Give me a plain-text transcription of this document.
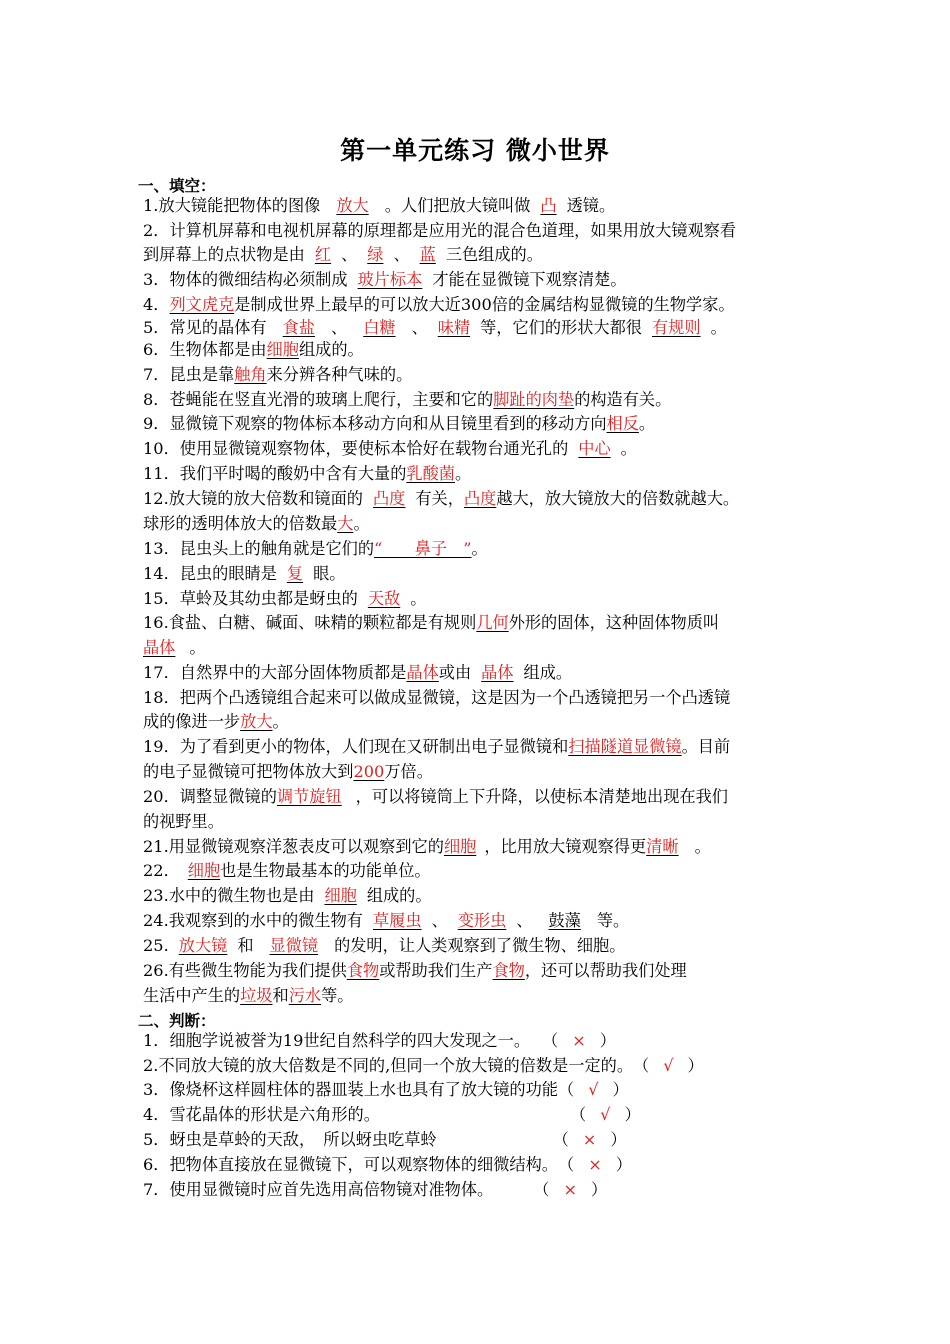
第一单元练习 微小世界
一、填空：
1.放大镜能把物体的图像 放大 。人们把放大镜叫做 凸 透镜。
2．计算机屏幕和电视机屏幕的原理都是应用光的混合色道理，如果用放大镜观察看
到屏幕上的点状物是由 红 、 绿 、 蓝 三色组成的。
3．物体的微细结构必须制成 玻片标本 才能在显微镜下观察清楚。
4．列文虎克是制成世界上最早的可以放大近300倍的金属结构显微镜的生物学家。
5．常见的晶体有 食盐 、 白糖 、 味精 等，它们的形状大都很 有规则 。
6．生物体都是由细胞组成的。
7．昆虫是靠触角来分辨各种气味的。
8．苍蝇能在竖直光滑的玻璃上爬行，主要和它的脚趾的肉垫的构造有关。
9．显微镜下观察的物体标本移动方向和从目镜里看到的移动方向相反。
10．使用显微镜观察物体，要使标本恰好在载物台通光孔的 中心 。
11．我们平时喝的酸奶中含有大量的乳酸菌。
12.放大镜的放大倍数和镜面的 凸度 有关，凸度越大，放大镜放大的倍数就越大。
球形的透明体放大的倍数最大。
13．昆虫头上的触角就是它们的“　　鼻子　”。
14．昆虫的眼睛是 复 眼。
15．草蛉及其幼虫都是蚜虫的 天敌 。
16.食盐、白糖、碱面、味精的颗粒都是有规则几何外形的固体，这种固体物质叫
晶体 。
17．自然界中的大部分固体物质都是晶体或由 晶体 组成。
18．把两个凸透镜组合起来可以做成显微镜，这是因为一个凸透镜把另一个凸透镜
成的像进一步放大。
19．为了看到更小的物体，人们现在又研制出电子显微镜和扫描隧道显微镜。目前
的电子显微镜可把物体放大到200万倍。
20．调整显微镜的调节旋钮 ，可以将镜筒上下升降，以使标本清楚地出现在我们
的视野里。
21.用显微镜观察洋葱表皮可以观察到它的细胞 ，比用放大镜观察得更清晰 。
22． 细胞也是生物最基本的功能单位。
23.水中的微生物也是由 细胞 组成的。
24.我观察到的水中的微生物有 草履虫 、 变形虫 、 鼓藻 等。
25. 放大镜 和 显微镜 的发明，让人类观察到了微生物、细胞。
26.有些微生物能为我们提供食物或帮助我们生产食物，还可以帮助我们处理
生活中产生的垃圾和污水等。
二、判断：
1．细胞学说被誉为19世纪自然科学的四大发现之一。 （ × ）
2.不同放大镜的放大倍数是不同的,但同一个放大镜的倍数是一定的。（ √ ）
3．像烧杯这样圆柱体的器皿装上水也具有了放大镜的功能（ √ ）
4．雪花晶体的形状是六角形的。	（ √ ）
5．蚜虫是草蛉的天敌，　所以蚜虫吃草蛉	（ × ）
6．把物体直接放在显微镜下，可以观察物体的细微结构。（ × ）
7．使用显微镜时应首先选用高倍物镜对准物体。 （ × ）
